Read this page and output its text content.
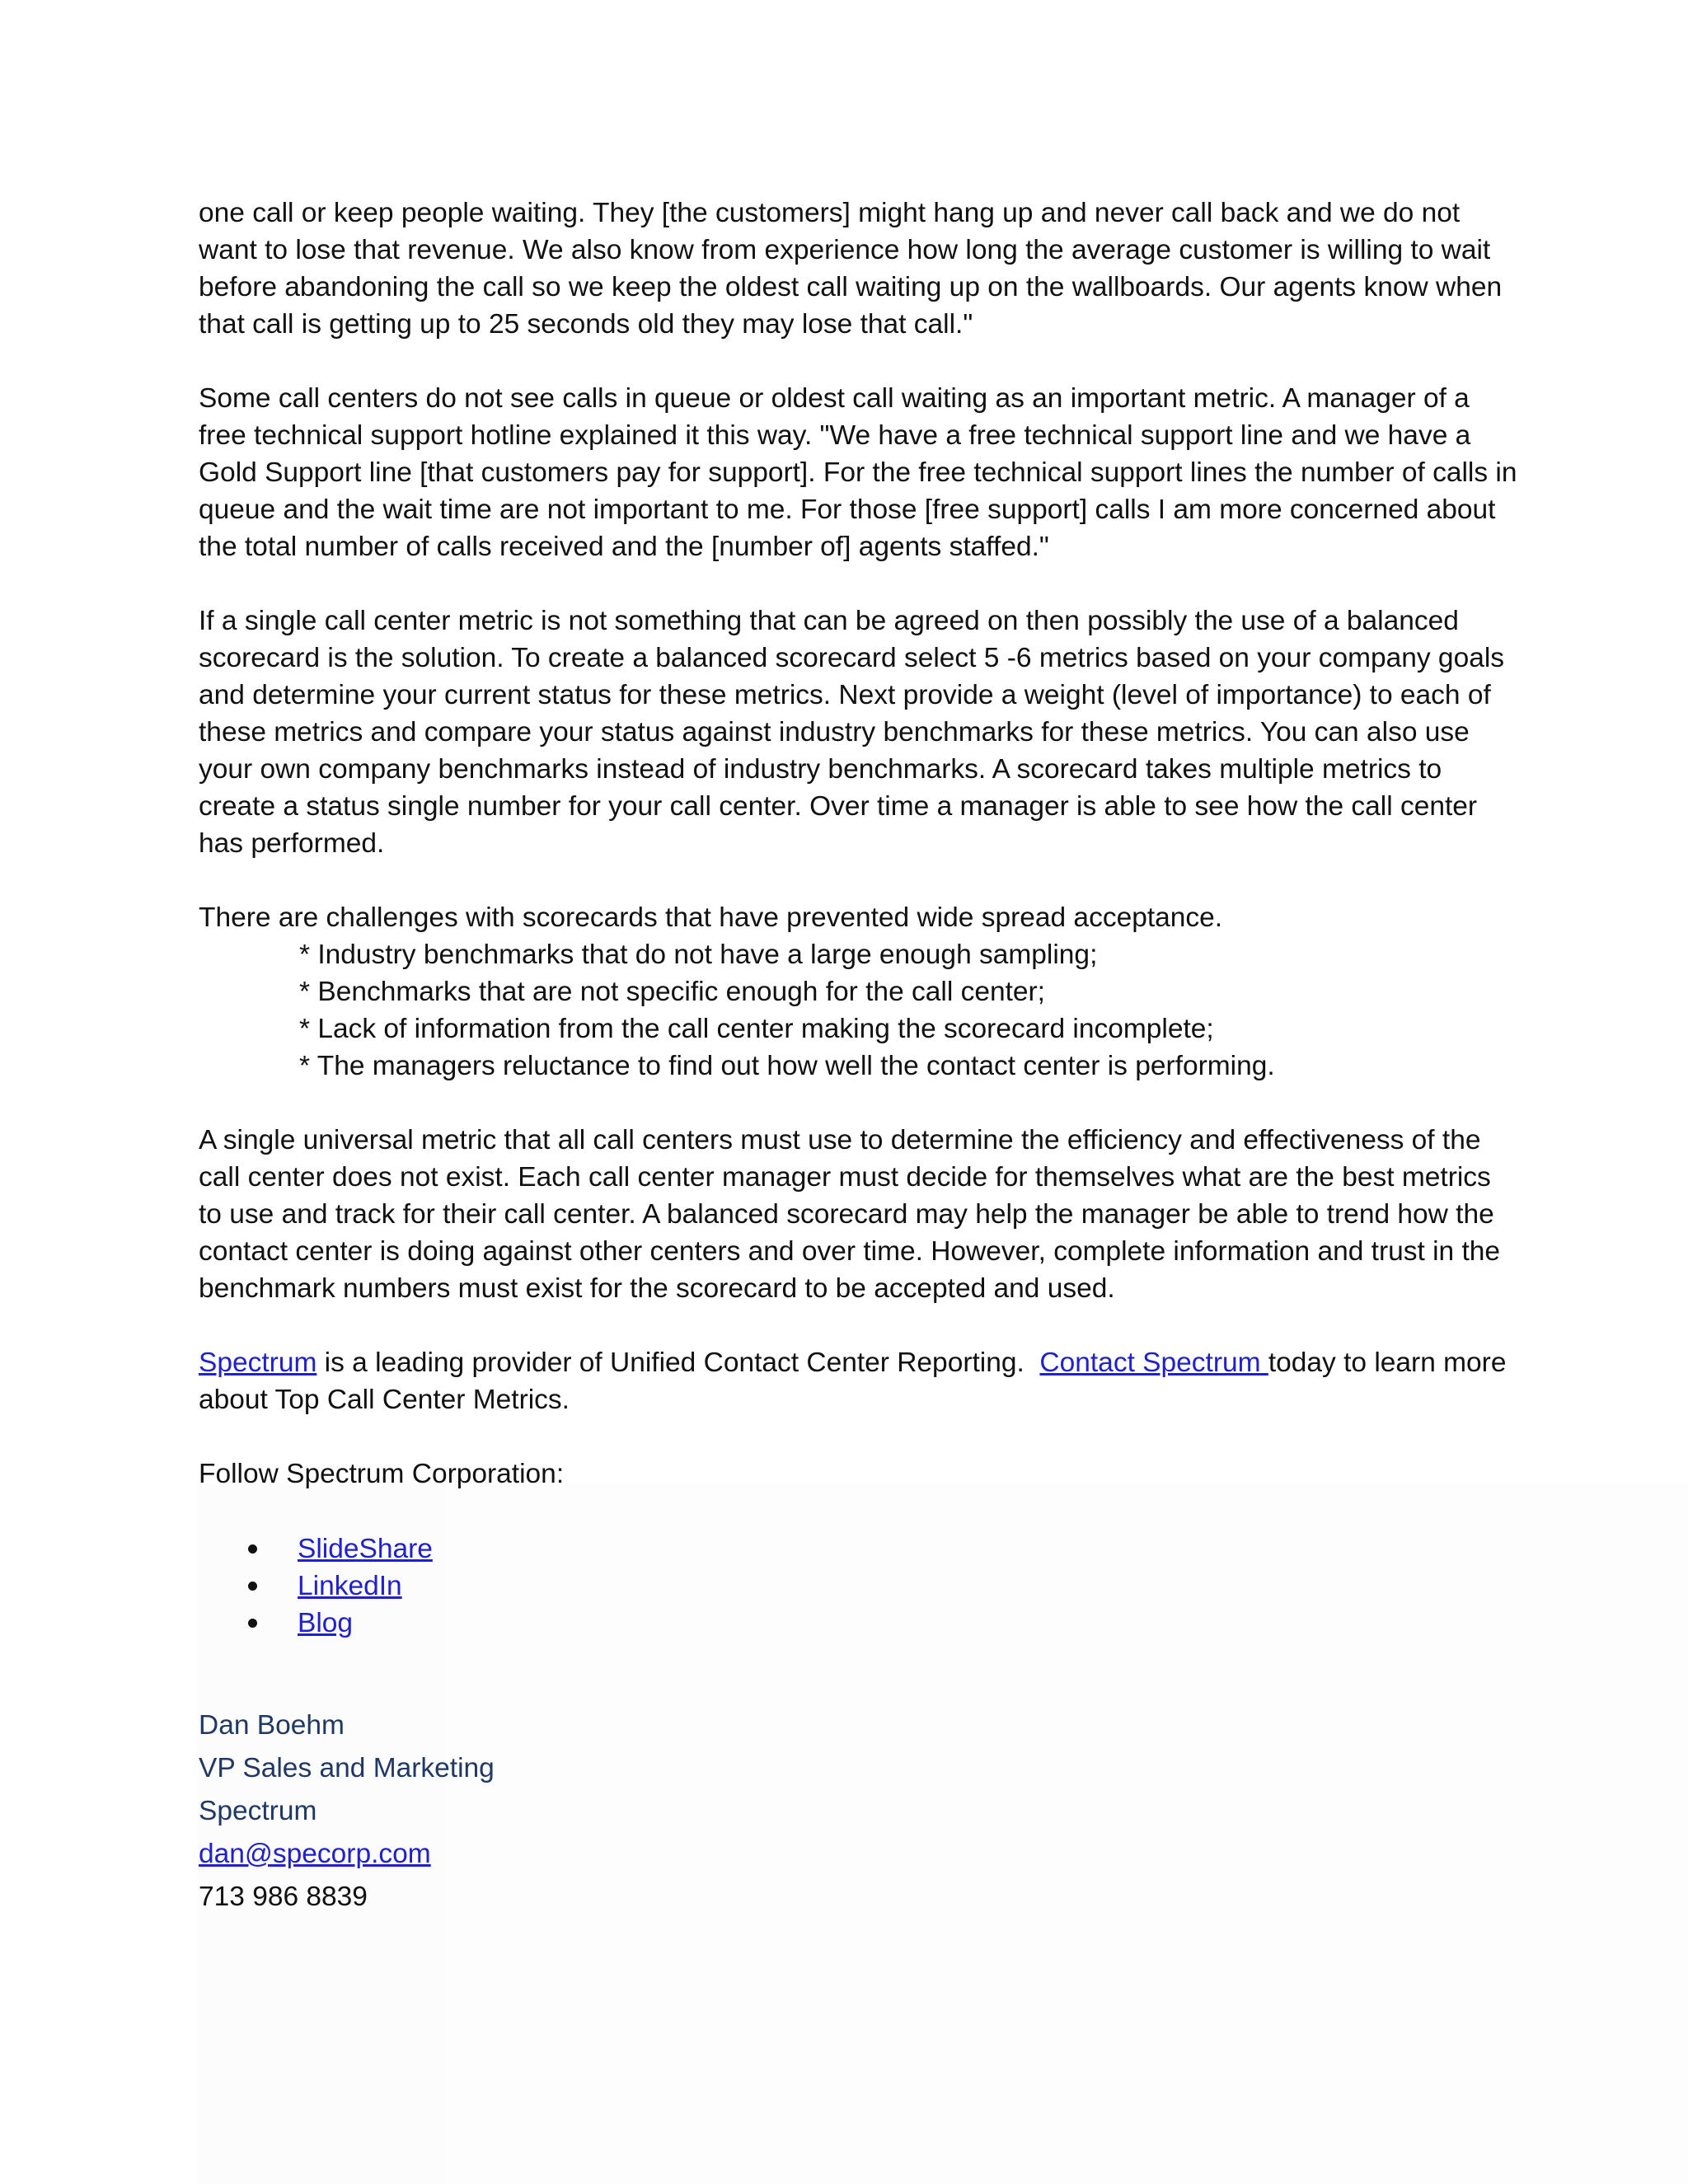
one call or keep people waiting. They [the customers] might hang up and never call back and we do not want to lose that revenue. We also know from experience how long the average customer is willing to wait before abandoning the call so we keep the oldest call waiting up on the wallboards. Our agents know when that call is getting up to 25 seconds old they may lose that call."

Some call centers do not see calls in queue or oldest call waiting as an important metric. A manager of a free technical support hotline explained it this way. "We have a free technical support line and we have a Gold Support line [that customers pay for support]. For the free technical support lines the number of calls in queue and the wait time are not important to me. For those [free support] calls I am more concerned about the total number of calls received and the [number of] agents staffed."

If a single call center metric is not something that can be agreed on then possibly the use of a balanced scorecard is the solution. To create a balanced scorecard select 5 -6 metrics based on your company goals and determine your current status for these metrics. Next provide a weight (level of importance) to each of these metrics and compare your status against industry benchmarks for these metrics. You can also use your own company benchmarks instead of industry benchmarks. A scorecard takes multiple metrics to create a status single number for your call center. Over time a manager is able to see how the call center has performed.

There are challenges with scorecards that have prevented wide spread acceptance.

* Industry benchmarks that do not have a large enough sampling;
* Benchmarks that are not specific enough for the call center;
* Lack of information from the call center making the scorecard incomplete;
* The managers reluctance to find out how well the contact center is performing.

A single universal metric that all call centers must use to determine the efficiency and effectiveness of the call center does not exist. Each call center manager must decide for themselves what are the best metrics to use and track for their call center. A balanced scorecard may help the manager be able to trend how the contact center is doing against other centers and over time. However, complete information and trust in the benchmark numbers must exist for the scorecard to be accepted and used.

Spectrum is a leading provider of Unified Contact Center Reporting.  Contact Spectrum today to learn more about Top Call Center Metrics.

Follow Spectrum Corporation:

SlideShare
LinkedIn
Blog
Dan Boehm
VP Sales and Marketing
Spectrum
dan@specorp.com
713 986 8839
